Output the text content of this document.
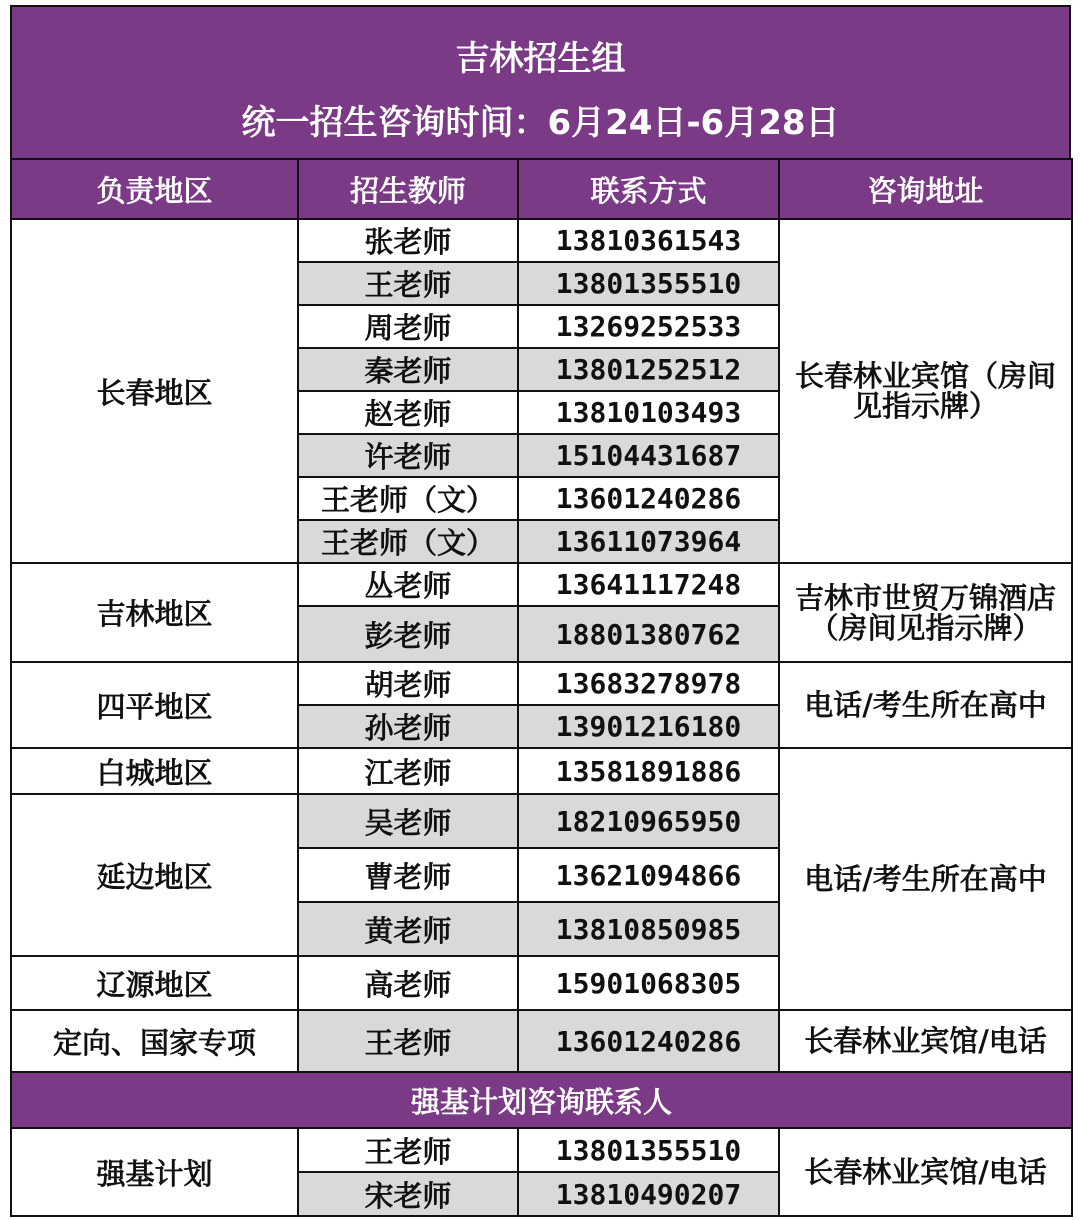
吉林招生组
统一招生咨询时间：6月24日-6月28日
负责地区	招生教师	联系方式	咨询地址
长春地区	张老师	13810361543	长春林业宾馆（房间见指示牌）
	王老师	13801355510	
	周老师	13269252533	
	秦老师	13801252512	
	赵老师	13810103493	
	许老师	15104431687	
	王老师（文）	13601240286	
	王老师（文）	13611073964	
吉林地区	丛老师	13641117248	吉林市世贸万锦酒店（房间见指示牌）
	彭老师	18801380762	
四平地区	胡老师	13683278978	电话/考生所在高中
	孙老师	13901216180	
白城地区	江老师	13581891886	电话/考生所在高中
延边地区	吴老师	18210965950	
	曹老师	13621094866	
	黄老师	13810850985	
辽源地区	高老师	15901068305	
定向、国家专项	王老师	13601240286	长春林业宾馆/电话
强基计划咨询联系人			
强基计划	王老师	13801355510	长春林业宾馆/电话
	宋老师	13810490207	
